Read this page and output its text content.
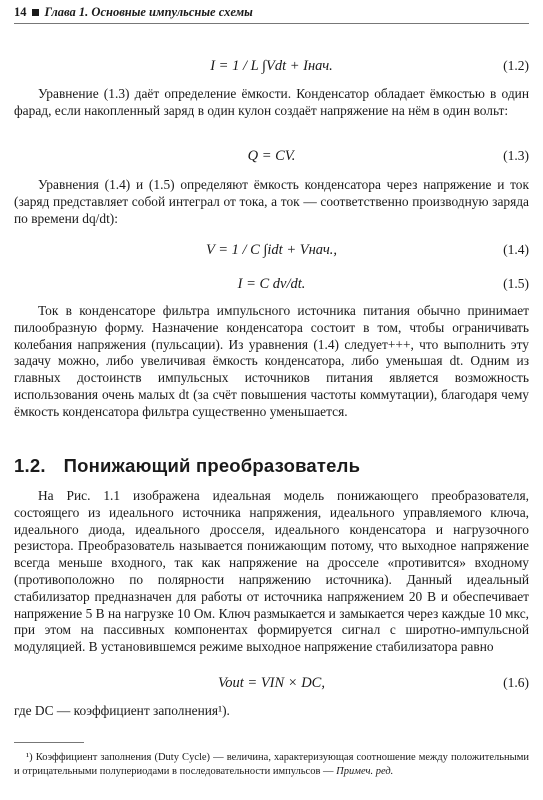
14 Глава 1. Основные импульсные схемы
I = 1 / L ∫Vdt + Iнач.	(1.2)

Уравнение (1.3) даёт определение ёмкости. Конденсатор обладает ёмкостью в один фарад, если накопленный заряд в один кулон создаёт напряжение на нём в один вольт:

Q = CV.	(1.3)

Уравнения (1.4) и (1.5) определяют ёмкость конденсатора через напряжение и ток (заряд представляет собой интеграл от тока, а ток — соответственно производную заряда по времени dq/dt):

V = 1 / C ∫idt + Vнач.,	(1.4)
I = C dv/dt.	(1.5)

Ток в конденсаторе фильтра импульсного источника питания обычно принимает пилообразную форму. Назначение конденсатора состоит в том, чтобы ограничивать колебания напряжения (пульсации). Из уравнения (1.4) следует+++, что выполнить эту задачу можно, либо увеличивая ёмкость конденсатора, либо уменьшая dt. Одним из главных достоинств импульсных источников питания является возможность использования очень малых dt (за счёт повышения частоты коммутации), благодаря чему ёмкость конденсатора фильтра существенно уменьшается.

1.2. Понижающий преобразователь

На Рис. 1.1 изображена идеальная модель понижающего преобразователя, состоящего из идеального источника напряжения, идеального управляемого ключа, идеального диода, идеального дросселя, идеального конденсатора и нагрузочного резистора. Преобразователь называется понижающим потому, что выходное напряжение всегда меньше входного, так как напряжение на дросселе «противится» входному (противоположно по полярности напряжению источника). Данный идеальный стабилизатор предназначен для работы от источника напряжением 20 В и обеспечивает напряжение 5 В на нагрузке 10 Ом. Ключ размыкается и замыкается через каждые 10 мкс, при этом на пассивных компонентах формируется сигнал с широтно-импульсной модуляцией. В установившемся режиме выходное напряжение стабилизатора равно

Vout = VIN × DC,	(1.6)

где DC — коэффициент заполнения¹).

¹) Коэффициент заполнения (Duty Cycle) — величина, характеризующая соотношение между положительными и отрицательными полупериодами в последовательности импульсов — Примеч. ред.
